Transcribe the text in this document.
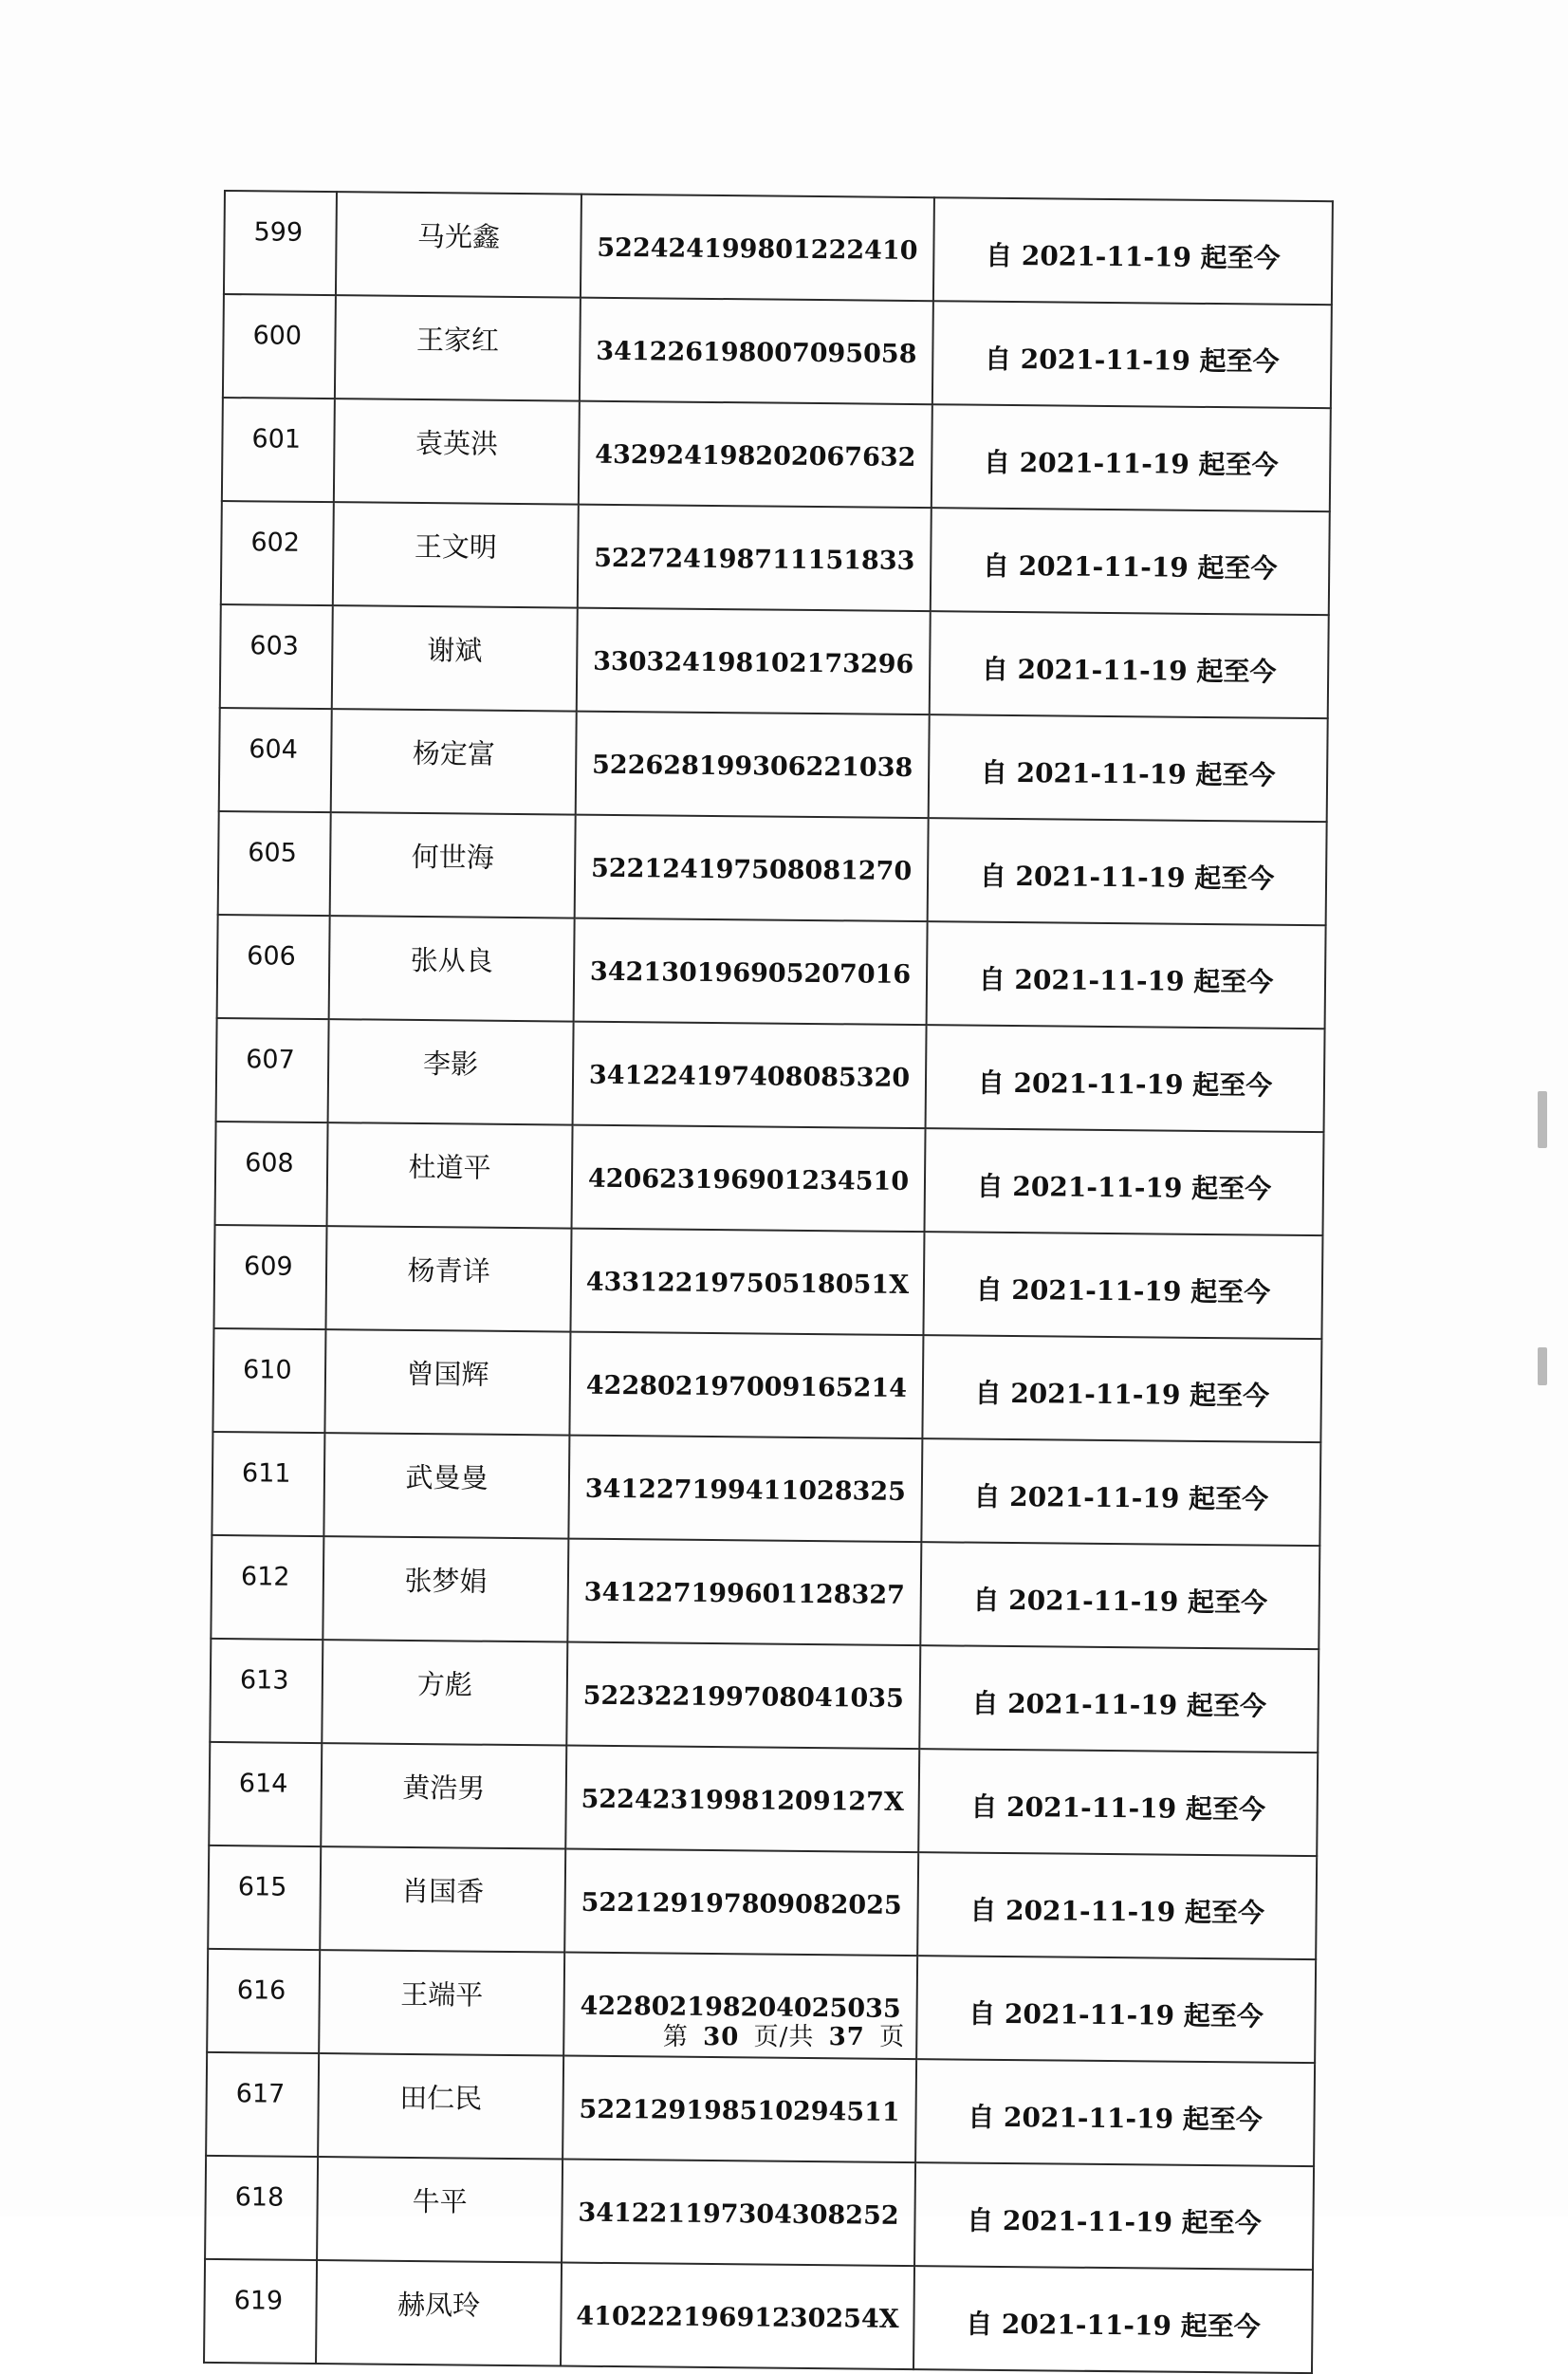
599	马光鑫	522424199801222410	自 2021-11-19 起至今
600	王家红	341226198007095058	自 2021-11-19 起至今
601	袁英洪	432924198202067632	自 2021-11-19 起至今
602	王文明	522724198711151833	自 2021-11-19 起至今
603	谢斌	330324198102173296	自 2021-11-19 起至今
604	杨定富	522628199306221038	自 2021-11-19 起至今
605	何世海	522124197508081270	自 2021-11-19 起至今
606	张从良	342130196905207016	自 2021-11-19 起至今
607	李影	341224197408085320	自 2021-11-19 起至今
608	杜道平	420623196901234510	自 2021-11-19 起至今
609	杨青详	43312219750518051X	自 2021-11-19 起至今
610	曾国辉	422802197009165214	自 2021-11-19 起至今
611	武曼曼	341227199411028325	自 2021-11-19 起至今
612	张梦娟	341227199601128327	自 2021-11-19 起至今
613	方彪	522322199708041035	自 2021-11-19 起至今
614	黄浩男	52242319981209127X	自 2021-11-19 起至今
615	肖国香	522129197809082025	自 2021-11-19 起至今
616	王端平	422802198204025035	自 2021-11-19 起至今
617	田仁民	522129198510294511	自 2021-11-19 起至今
618	牛平	341221197304308252	自 2021-11-19 起至今
619	赫凤玲	41022219691230254X	自 2021-11-19 起至今
第 30 页/共 37 页
